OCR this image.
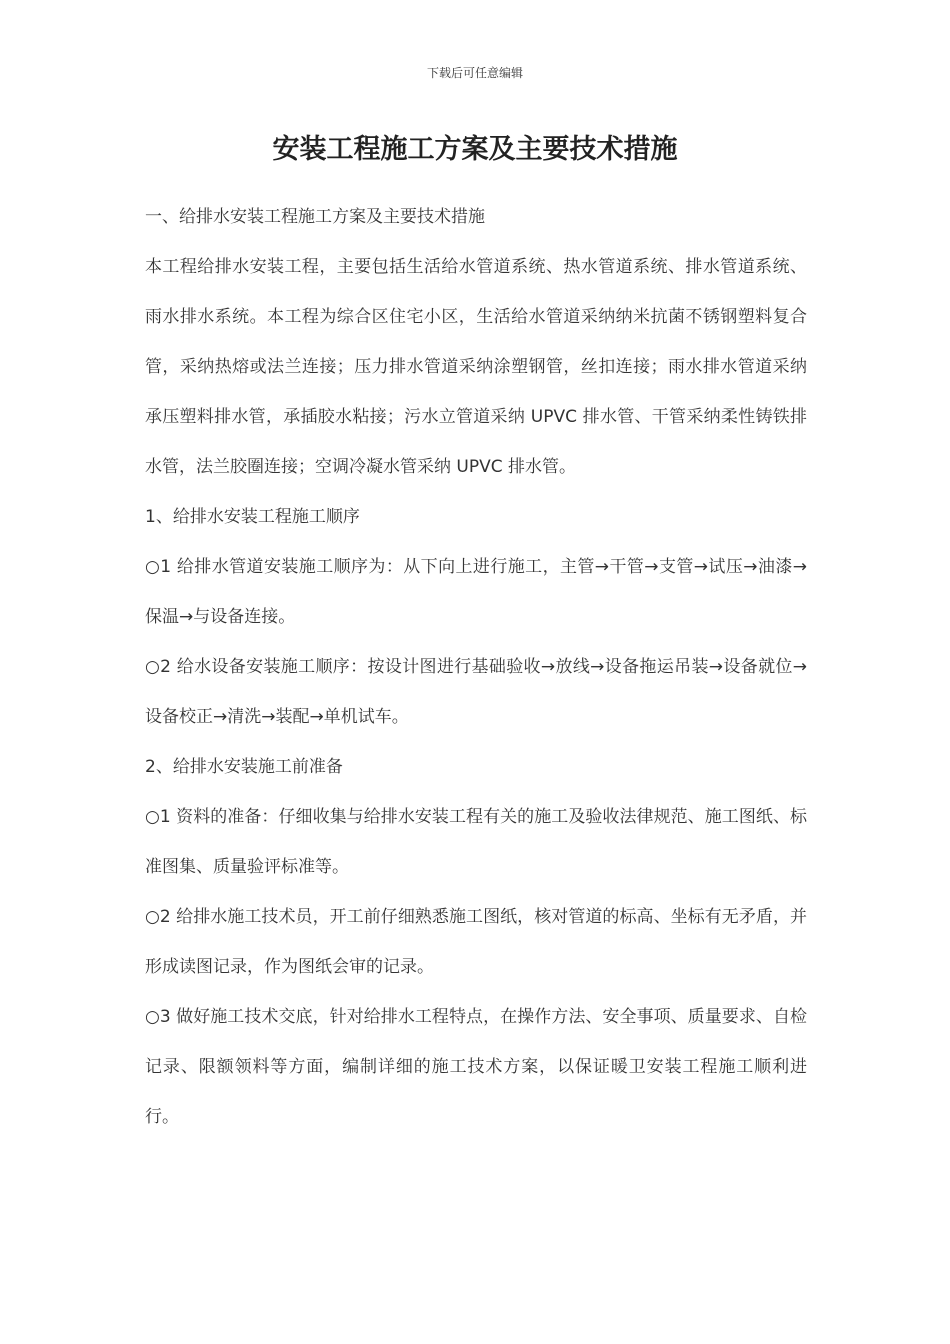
下载后可任意编辑
安装工程施工方案及主要技术措施

一、给排水安装工程施工方案及主要技术措施

本工程给排水安装工程，主要包括生活给水管道系统、热水管道系统、排水管道系统、雨水排水系统。本工程为综合区住宅小区，生活给水管道采纳纳米抗菌不锈钢塑料复合管，采纳热熔或法兰连接；压力排水管道采纳涂塑钢管，丝扣连接；雨水排水管道采纳承压塑料排水管，承插胶水粘接；污水立管道采纳 UPVC 排水管、干管采纳柔性铸铁排水管，法兰胶圈连接；空调冷凝水管采纳 UPVC 排水管。

1、给排水安装工程施工顺序

○1 给排水管道安装施工顺序为：从下向上进行施工，主管→干管→支管→试压→油漆→保温→与设备连接。

○2 给水设备安装施工顺序：按设计图进行基础验收→放线→设备拖运吊装→设备就位→设备校正→清洗→装配→单机试车。

2、给排水安装施工前准备

○1 资料的准备：仔细收集与给排水安装工程有关的施工及验收法律规范、施工图纸、标准图集、质量验评标准等。

○2 给排水施工技术员，开工前仔细熟悉施工图纸，核对管道的标高、坐标有无矛盾，并形成读图记录，作为图纸会审的记录。

○3 做好施工技术交底，针对给排水工程特点，在操作方法、安全事项、质量要求、自检记录、限额领料等方面，编制详细的施工技术方案，以保证暖卫安装工程施工顺利进行。
